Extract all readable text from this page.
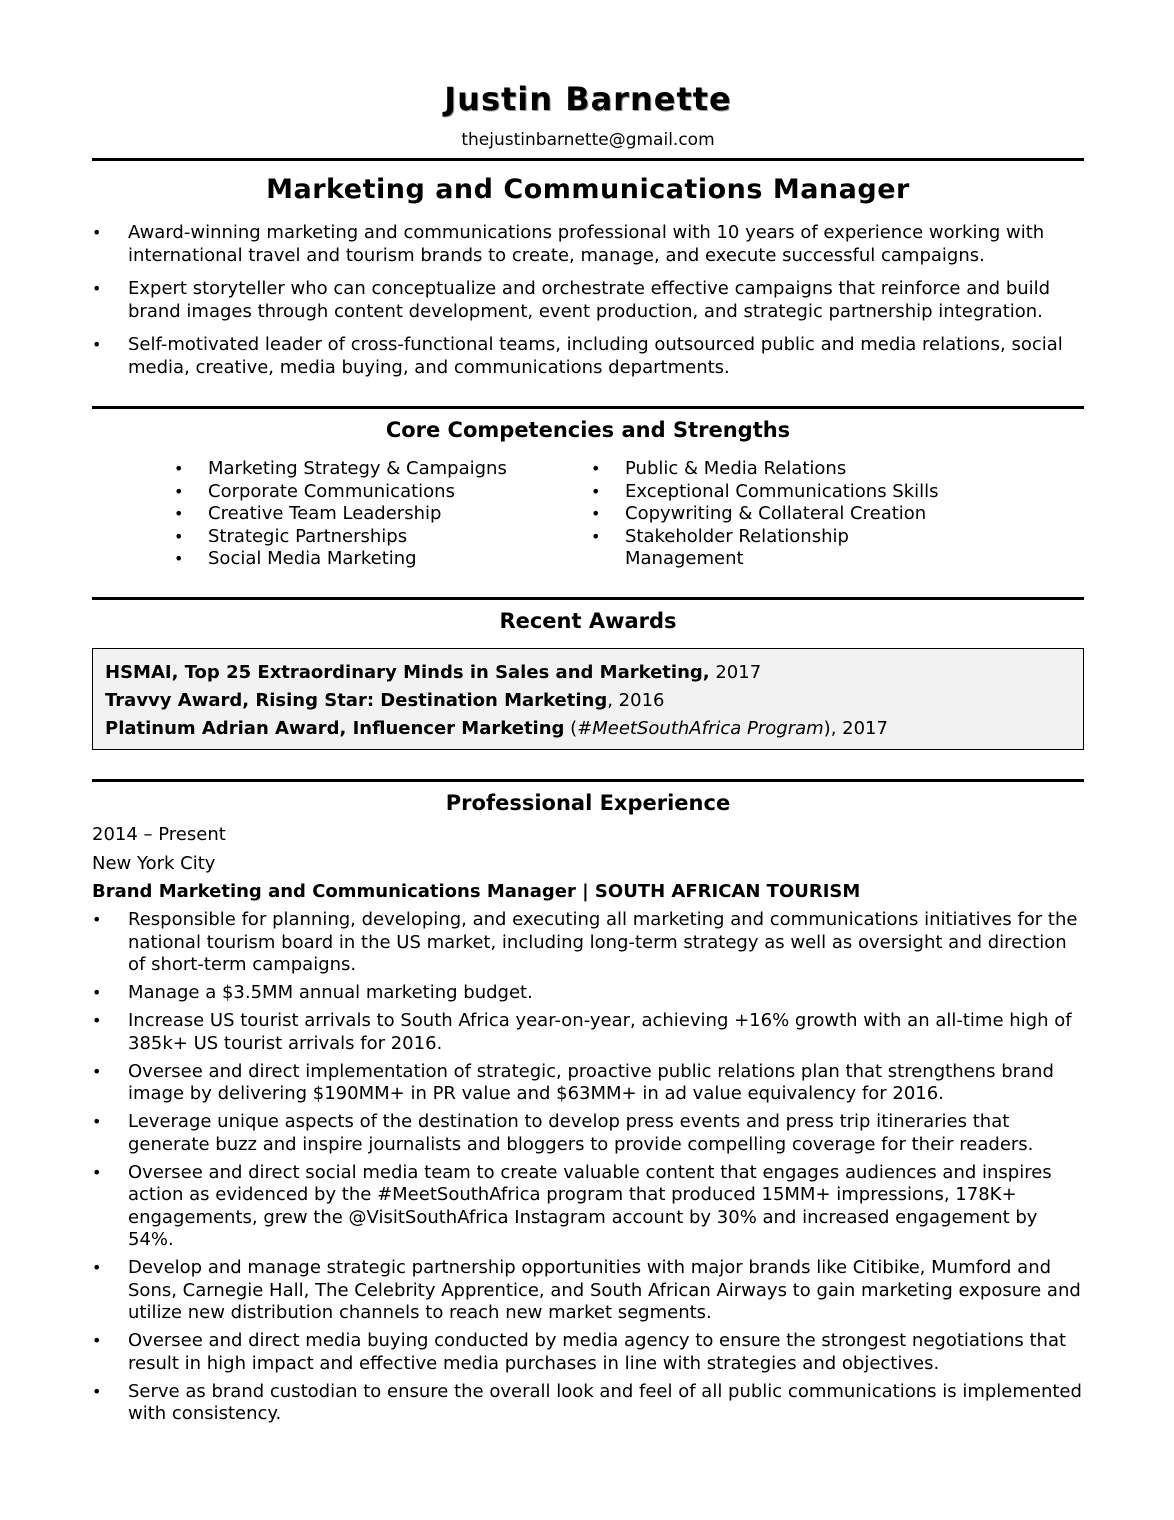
Justin Barnette
thejustinbarnette@gmail.com
Marketing and Communications Manager
• Award-winning marketing and communications professional with 10 years of experience working with international travel and tourism brands to create, manage, and execute successful campaigns.
• Expert storyteller who can conceptualize and orchestrate effective campaigns that reinforce and build brand images through content development, event production, and strategic partnership integration.
• Self-motivated leader of cross-functional teams, including outsourced public and media relations, social media, creative, media buying, and communications departments.
Core Competencies and Strengths
• Marketing Strategy & Campaigns
• Corporate Communications
• Creative Team Leadership
• Strategic Partnerships
• Social Media Marketing
• Public & Media Relations
• Exceptional Communications Skills
• Copywriting & Collateral Creation
• Stakeholder Relationship Management
Recent Awards
HSMAI, Top 25 Extraordinary Minds in Sales and Marketing, 2017
Travvy Award, Rising Star: Destination Marketing, 2016
Platinum Adrian Award, Influencer Marketing (#MeetSouthAfrica Program), 2017
Professional Experience
2014 – Present
New York City
Brand Marketing and Communications Manager | SOUTH AFRICAN TOURISM
• Responsible for planning, developing, and executing all marketing and communications initiatives for the national tourism board in the US market, including long-term strategy as well as oversight and direction of short-term campaigns.
• Manage a $3.5MM annual marketing budget.
• Increase US tourist arrivals to South Africa year-on-year, achieving +16% growth with an all-time high of 385k+ US tourist arrivals for 2016.
• Oversee and direct implementation of strategic, proactive public relations plan that strengthens brand image by delivering $190MM+ in PR value and $63MM+ in ad value equivalency for 2016.
• Leverage unique aspects of the destination to develop press events and press trip itineraries that generate buzz and inspire journalists and bloggers to provide compelling coverage for their readers.
• Oversee and direct social media team to create valuable content that engages audiences and inspires action as evidenced by the #MeetSouthAfrica program that produced 15MM+ impressions, 178K+ engagements, grew the @VisitSouthAfrica Instagram account by 30% and increased engagement by 54%.
• Develop and manage strategic partnership opportunities with major brands like Citibike, Mumford and Sons, Carnegie Hall, The Celebrity Apprentice, and South African Airways to gain marketing exposure and utilize new distribution channels to reach new market segments.
• Oversee and direct media buying conducted by media agency to ensure the strongest negotiations that result in high impact and effective media purchases in line with strategies and objectives.
• Serve as brand custodian to ensure the overall look and feel of all public communications is implemented with consistency.
